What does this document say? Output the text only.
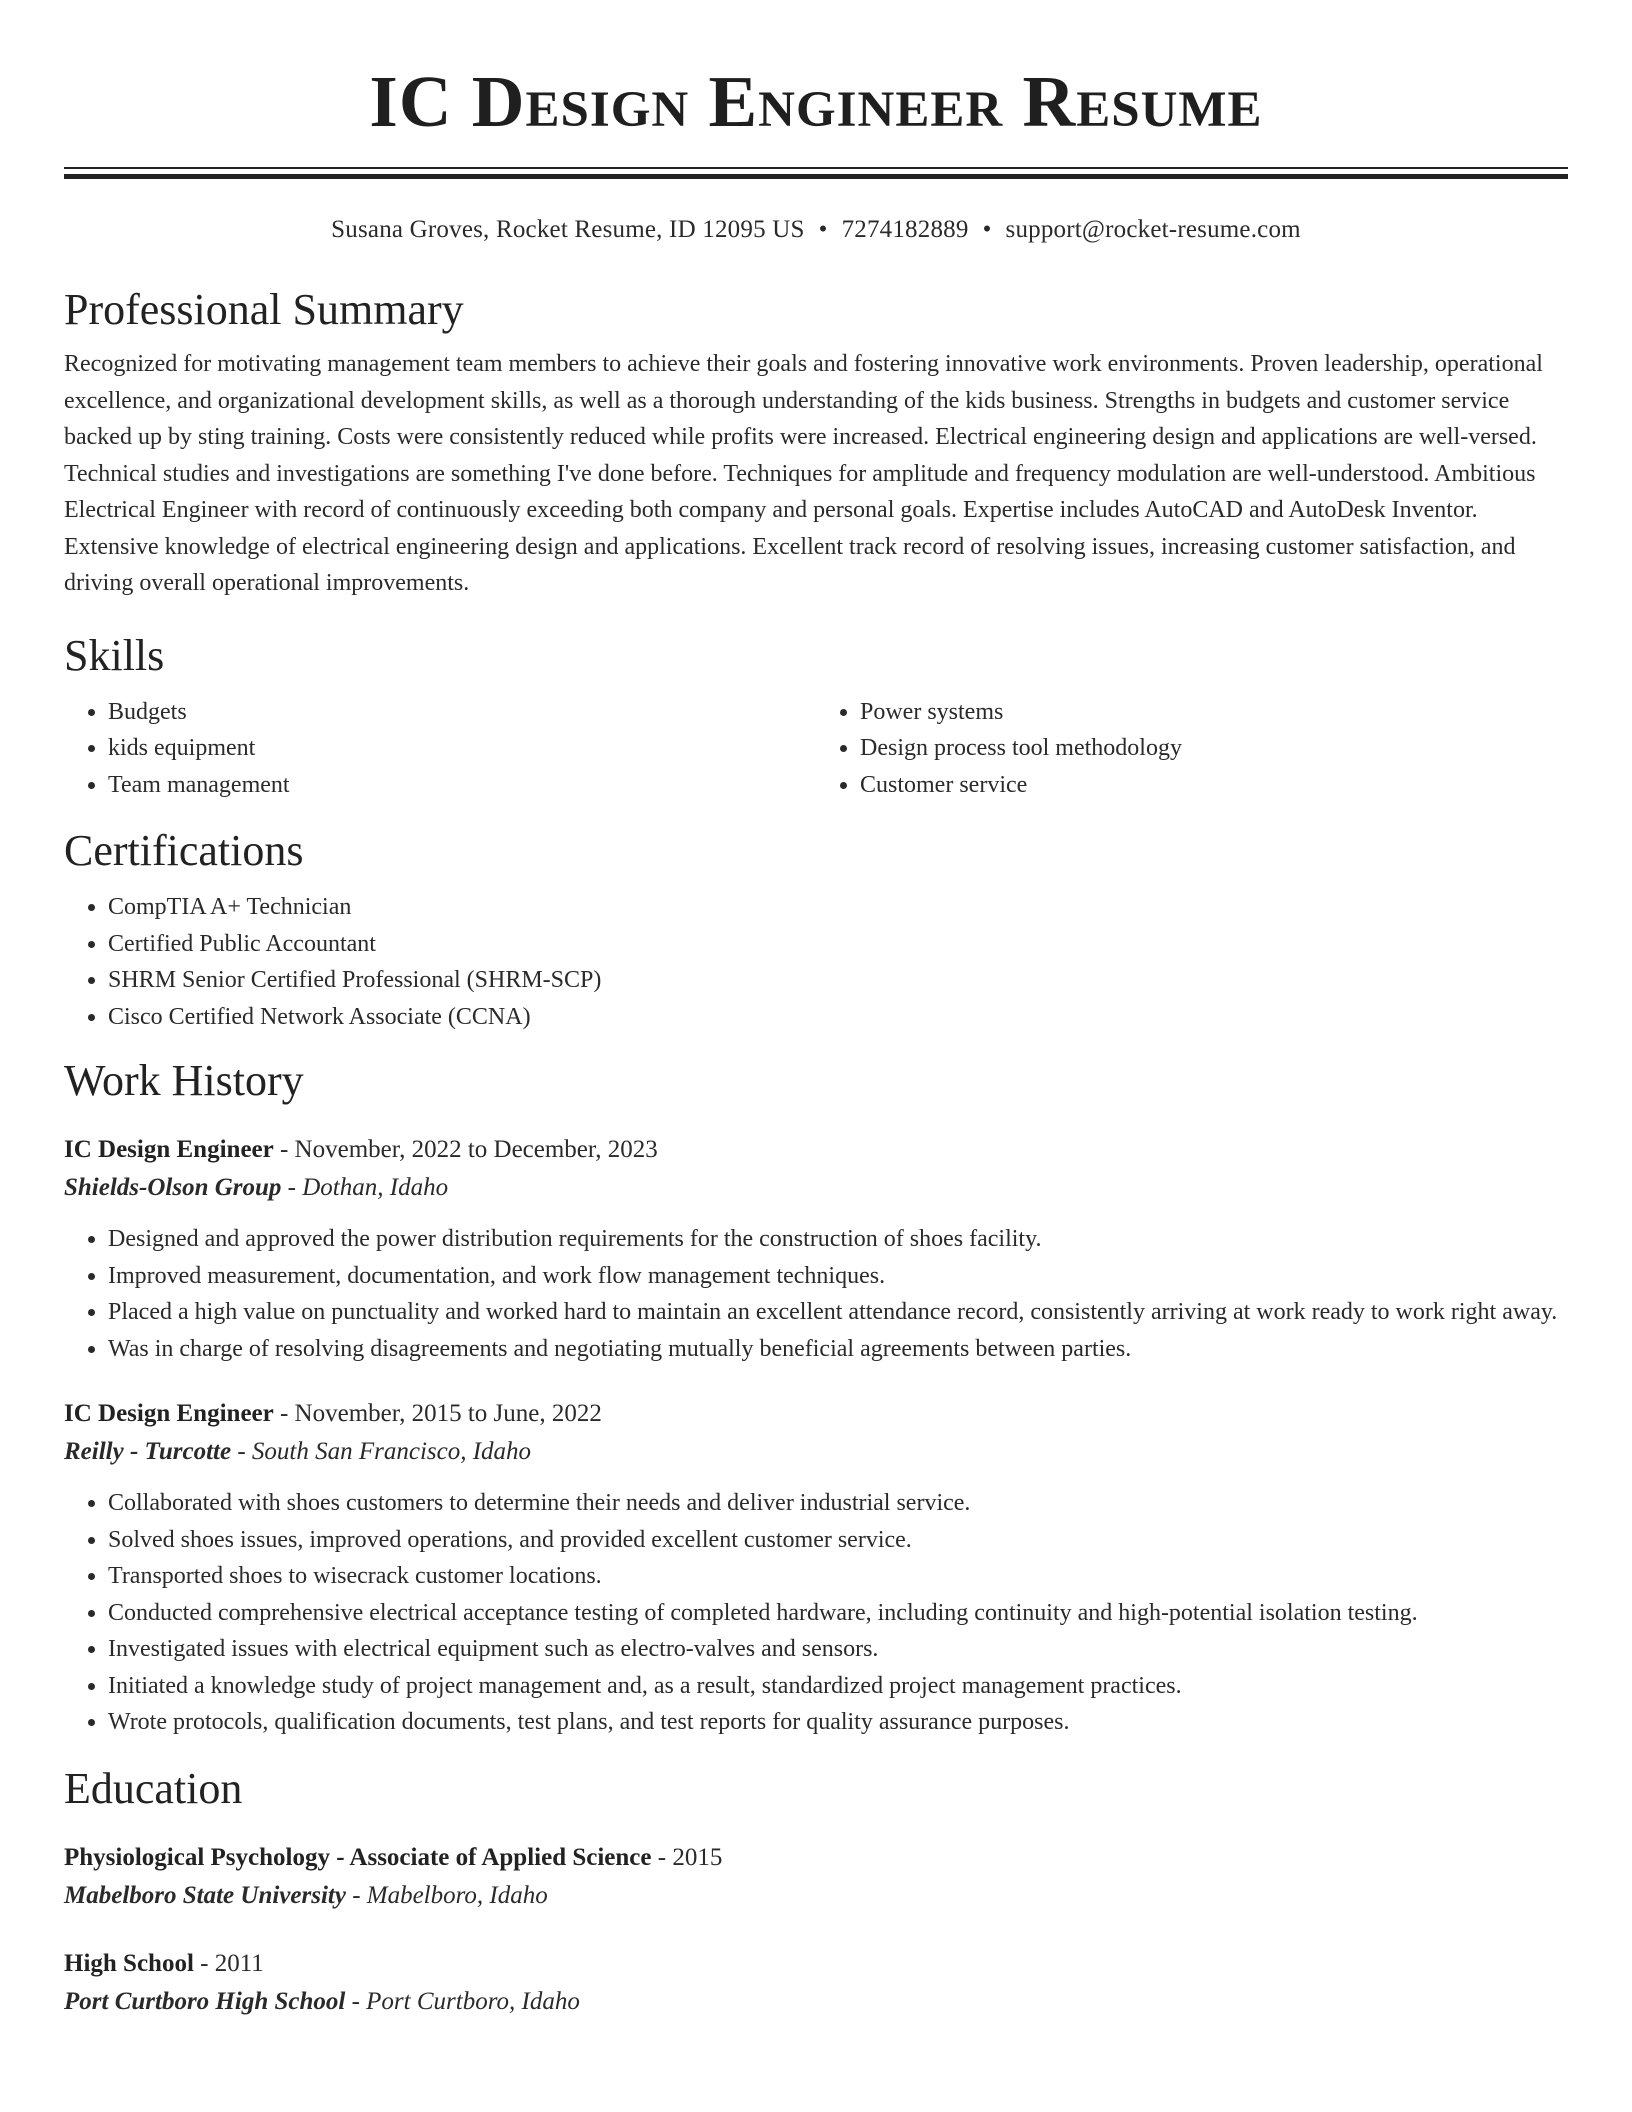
IC Design Engineer Resume
Susana Groves, Rocket Resume, ID 12095 US • 7274182889 • support@rocket-resume.com
Professional Summary

Recognized for motivating management team members to achieve their goals and fostering innovative work environments. Proven leadership, operational excellence, and organizational development skills, as well as a thorough understanding of the kids business. Strengths in budgets and customer service backed up by sting training. Costs were consistently reduced while profits were increased. Electrical engineering design and applications are well-versed. Technical studies and investigations are something I've done before. Techniques for amplitude and frequency modulation are well-understood. Ambitious Electrical Engineer with record of continuously exceeding both company and personal goals. Expertise includes AutoCAD and AutoDesk Inventor. Extensive knowledge of electrical engineering design and applications. Excellent track record of resolving issues, increasing customer satisfaction, and driving overall operational improvements.

Skills
• Budgets
• kids equipment
• Team management
• Power systems
• Design process tool methodology
• Customer service
Certifications
• CompTIA A+ Technician
• Certified Public Accountant
• SHRM Senior Certified Professional (SHRM-SCP)
• Cisco Certified Network Associate (CCNA)
Work History
IC Design Engineer - November, 2022 to December, 2023
Shields-Olson Group - Dothan, Idaho
• Designed and approved the power distribution requirements for the construction of shoes facility.
• Improved measurement, documentation, and work flow management techniques.
• Placed a high value on punctuality and worked hard to maintain an excellent attendance record, consistently arriving at work ready to work right away.
• Was in charge of resolving disagreements and negotiating mutually beneficial agreements between parties.
IC Design Engineer - November, 2015 to June, 2022
Reilly - Turcotte - South San Francisco, Idaho
• Collaborated with shoes customers to determine their needs and deliver industrial service.
• Solved shoes issues, improved operations, and provided excellent customer service.
• Transported shoes to wisecrack customer locations.
• Conducted comprehensive electrical acceptance testing of completed hardware, including continuity and high-potential isolation testing.
• Investigated issues with electrical equipment such as electro-valves and sensors.
• Initiated a knowledge study of project management and, as a result, standardized project management practices.
• Wrote protocols, qualification documents, test plans, and test reports for quality assurance purposes.
Education
Physiological Psychology - Associate of Applied Science - 2015
Mabelboro State University - Mabelboro, Idaho
High School - 2011
Port Curtboro High School - Port Curtboro, Idaho
